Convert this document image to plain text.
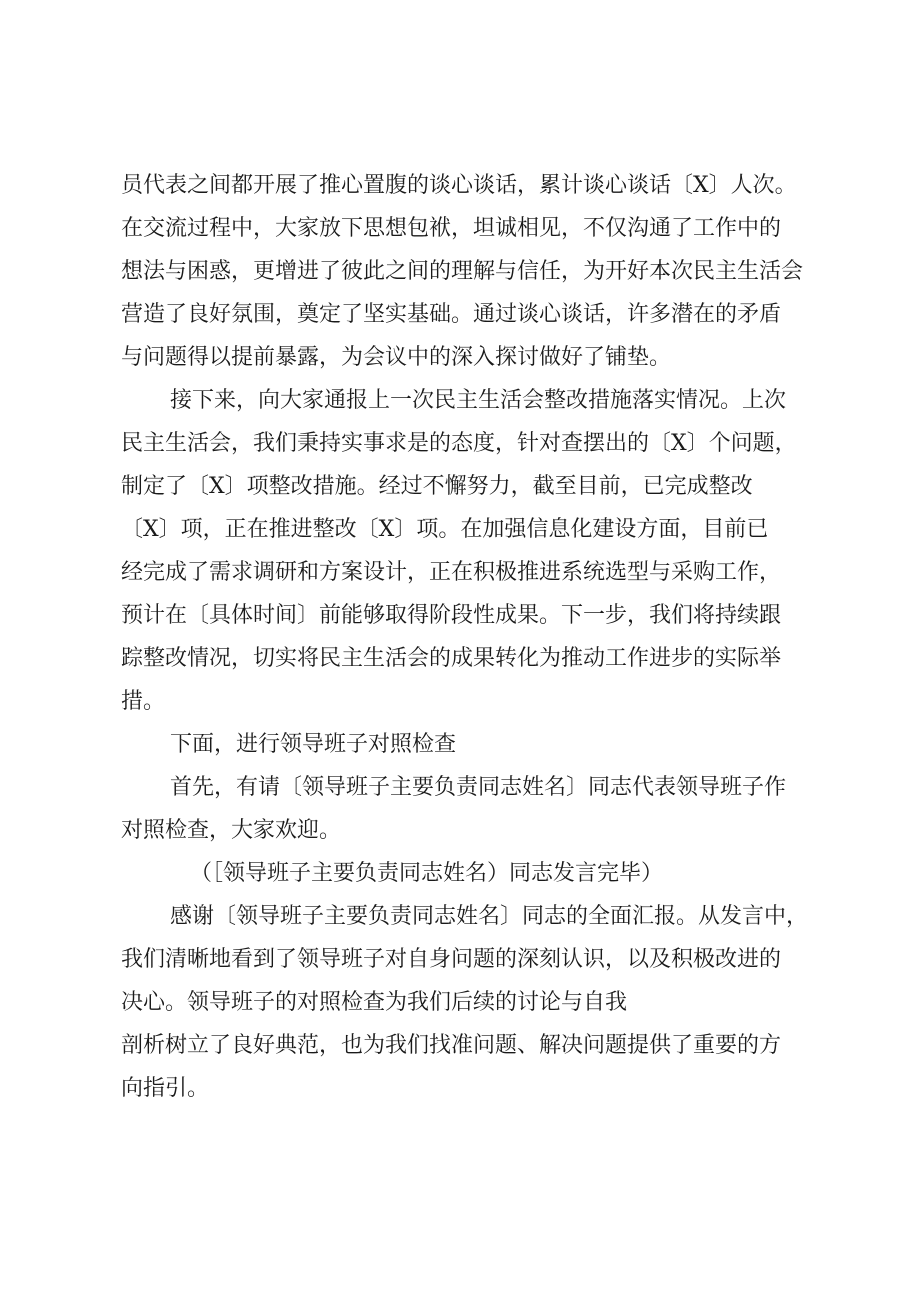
员代表之间都开展了推心置腹的谈心谈话，累计谈心谈话〔X〕人次。
在交流过程中，大家放下思想包袱，坦诚相见，不仅沟通了工作中的
想法与困惑，更增进了彼此之间的理解与信任，为开好本次民主生活会
营造了良好氛围，奠定了坚实基础。通过谈心谈话，许多潜在的矛盾
与问题得以提前暴露，为会议中的深入探讨做好了铺垫。
接下来，向大家通报上一次民主生活会整改措施落实情况。上次
民主生活会，我们秉持实事求是的态度，针对查摆出的〔X〕个问题，
制定了〔X〕项整改措施。经过不懈努力，截至目前，已完成整改
〔X〕项，正在推进整改〔X〕项。在加强信息化建设方面，目前已
经完成了需求调研和方案设计，正在积极推进系统选型与采购工作，
预计在〔具体时间〕前能够取得阶段性成果。下一步，我们将持续跟
踪整改情况，切实将民主生活会的成果转化为推动工作进步的实际举
措。
下面，进行领导班子对照检查
首先，有请〔领导班子主要负责同志姓名〕同志代表领导班子作
对照检查，大家欢迎。
（［领导班子主要负责同志姓名）同志发言完毕）
感谢〔领导班子主要负责同志姓名〕同志的全面汇报。从发言中，
我们清晰地看到了领导班子对自身问题的深刻认识，以及积极改进的
决心。领导班子的对照检查为我们后续的讨论与自我
剖析树立了良好典范，也为我们找准问题、解决问题提供了重要的方
向指引。
